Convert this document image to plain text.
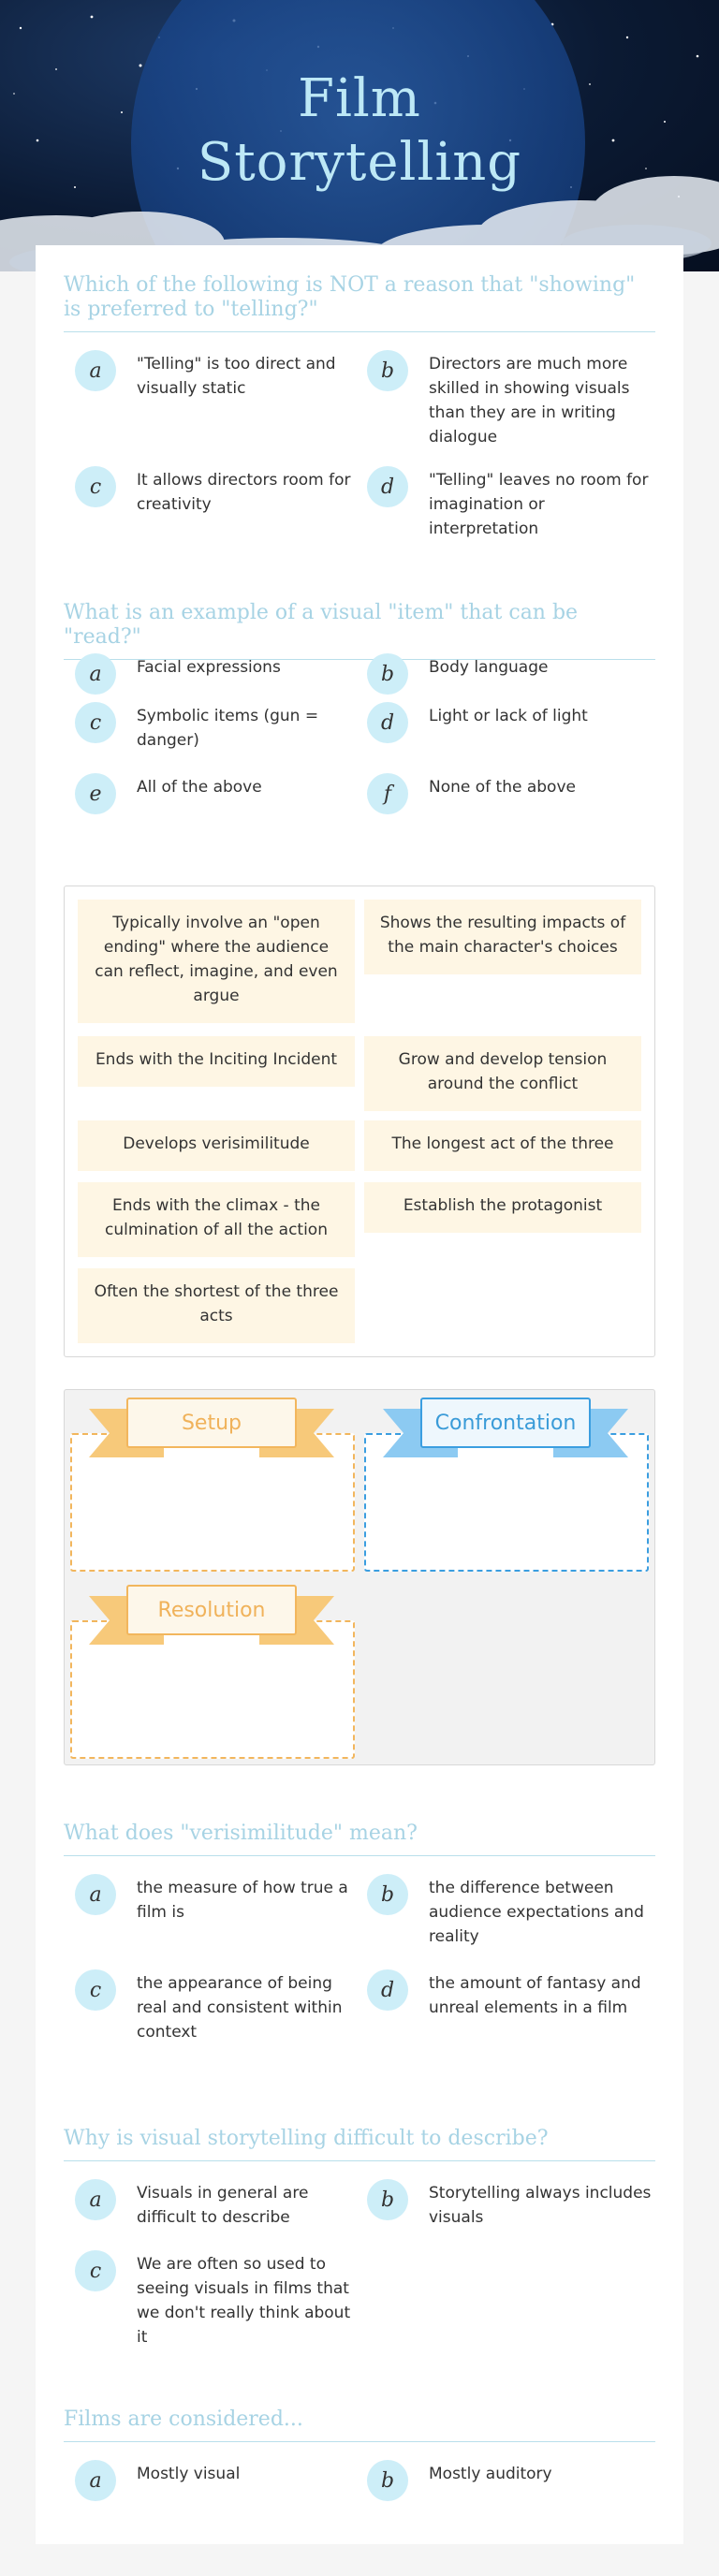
Film
Storytelling
Which of the following is NOT a reason that "showing" is preferred to "telling?"
a	"Telling" is too direct and visually static
b	Directors are much more skilled in showing visuals than they are in writing dialogue
c	It allows directors room for creativity
d	"Telling" leaves no room for imagination or interpretation
What is an example of a visual "item" that can be "read?"
a	Facial expressions	b	Body language
c	Symbolic items (gun = danger)
d	Light or lack of light
e	All of the above	f	None of the above
Typically involve an "open ending" where the audience can reflect, imagine, and even argue
Shows the resulting impacts of the main character's choices
Ends with the Inciting Incident	Grow and develop tension around the conflict
Develops verisimilitude	The longest act of the three
Ends with the climax - the culmination of all the action
Establish the protagonist
Often the shortest of the three acts
Setup	Confrontation
Resolution
What does "verisimilitude" mean?
a	the measure of how true a film is
b	the difference between audience expectations and reality
c	the appearance of being real and consistent within context
d	the amount of fantasy and unreal elements in a film
Why is visual storytelling difficult to describe?
a	Visuals in general are difficult to describe
b	Storytelling always includes visuals
c	We are often so used to seeing visuals in films that we don't really think about it
Films are considered...
a	Mostly visual	b	Mostly auditory
